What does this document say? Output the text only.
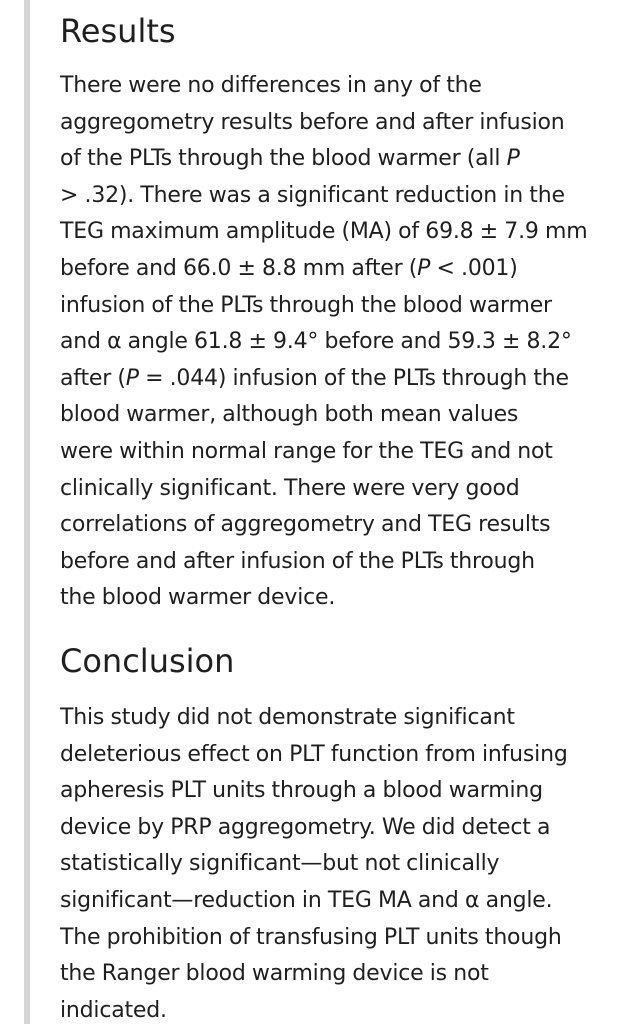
Results

There were no differences in any of the
aggregometry results before and after infusion
of the PLTs through the blood warmer (all P
> .32). There was a significant reduction in the
TEG maximum amplitude (MA) of 69.8 ± 7.9 mm
before and 66.0 ± 8.8 mm after (P < .001)
infusion of the PLTs through the blood warmer
and α angle 61.8 ± 9.4° before and 59.3 ± 8.2°
after (P = .044) infusion of the PLTs through the
blood warmer, although both mean values
were within normal range for the TEG and not
clinically significant. There were very good
correlations of aggregometry and TEG results
before and after infusion of the PLTs through
the blood warmer device.

Conclusion

This study did not demonstrate significant
deleterious effect on PLT function from infusing
apheresis PLT units through a blood warming
device by PRP aggregometry. We did detect a
statistically significant—but not clinically
significant—reduction in TEG MA and α angle.
The prohibition of transfusing PLT units though
the Ranger blood warming device is not
indicated.
